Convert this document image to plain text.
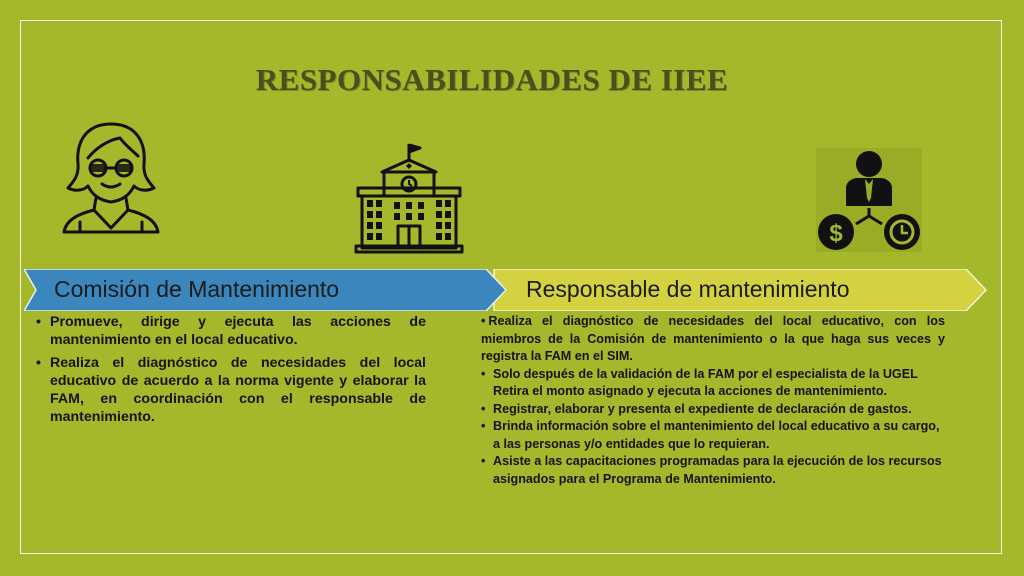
RESPONSABILIDADES DE IIEE
$
Comisión de Mantenimiento	Responsable de mantenimiento
• Promueve, dirige y ejecuta las acciones de mantenimiento en el local educativo.
• Realiza el diagnóstico de necesidades del local educativo de acuerdo a la norma vigente y elaborar la FAM, en coordinación con el responsable de mantenimiento.
• Realiza el diagnóstico de necesidades del local educativo, con los miembros de la Comisión de mantenimiento o la que haga sus veces y registra la FAM en el SIM.
• Solo después de la validación de la FAM por el especialista de la UGEL Retira el monto asignado y ejecuta la acciones de mantenimiento.
• Registrar, elaborar y presenta el expediente de declaración de gastos.
• Brinda información sobre el mantenimiento del local educativo a su cargo, a las personas y/o entidades que lo requieran.
• Asiste a las capacitaciones programadas para la ejecución de los recursos asignados para el Programa de Mantenimiento.
